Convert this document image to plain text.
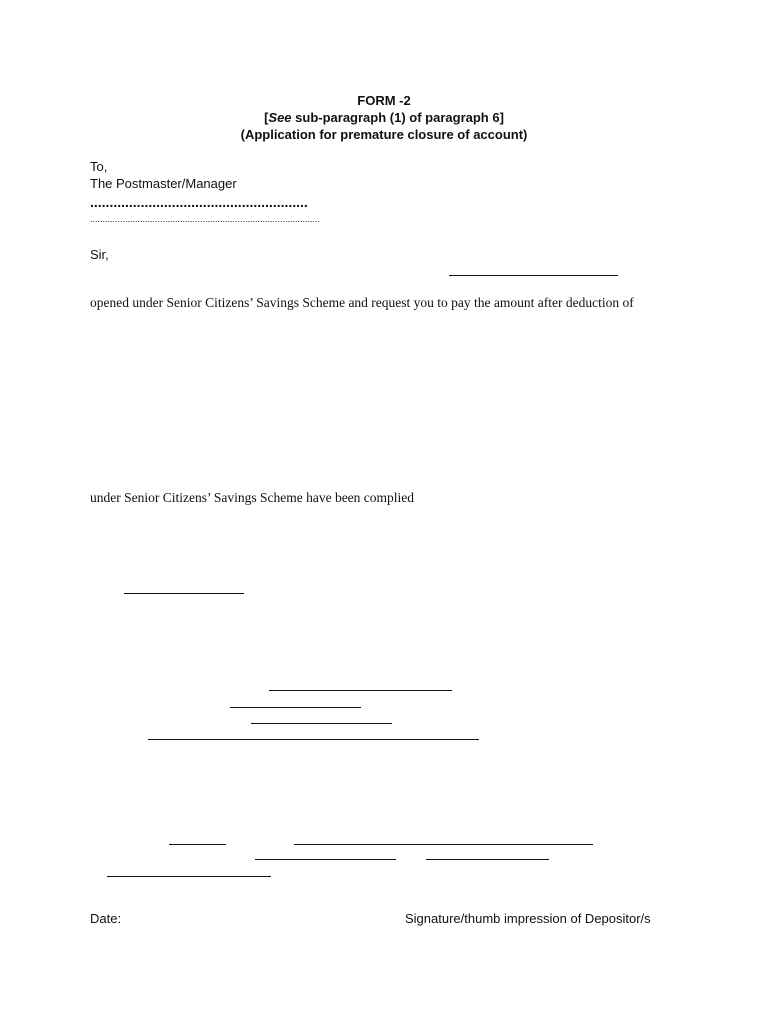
FORM -2
[See sub-paragraph (1) of paragraph 6]
(Application for premature closure of account)
To,
The Postmaster/Manager
........................................................
............................................................................................
Sir,
opened under Senior Citizens’ Savings Scheme and request you to pay the amount after deduction of
under Senior Citizens’ Savings Scheme have been complied
Date:	Signature/thumb impression of Depositor/s
